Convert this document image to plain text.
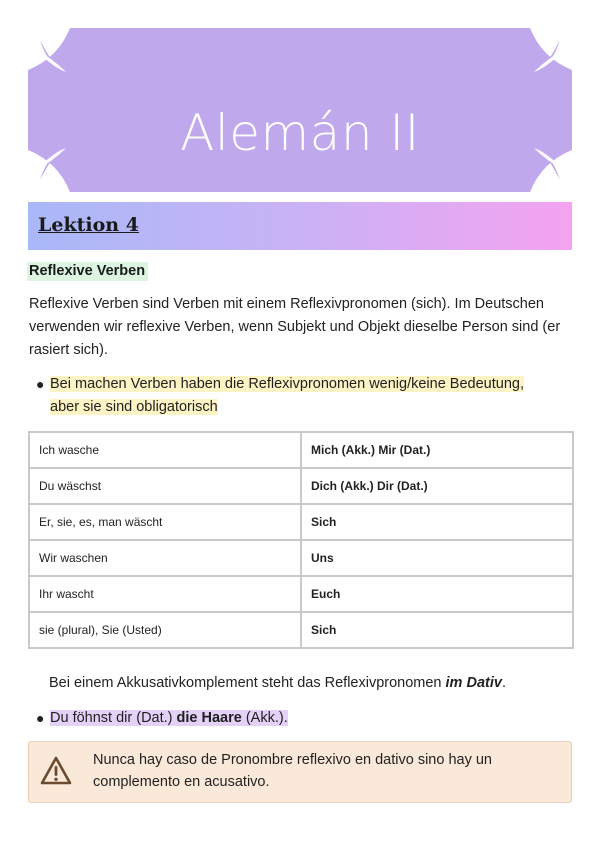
Alemán II
Lektion 4
Reflexive Verben
Reflexive Verben sind Verben mit einem Reflexivpronomen (sich). Im Deutschen verwenden wir reflexive Verben, wenn Subjekt und Objekt dieselbe Person sind (er rasiert sich).
● Bei machen Verben haben die Reflexivpronomen wenig/keine Bedeutung,
aber sie sind obligatorisch
Ich wasche	Mich (Akk.) Mir (Dat.)
Du wäschst	Dich (Akk.) Dir (Dat.)
Er, sie, es, man wäscht	Sich
Wir waschen	Uns
Ihr wascht	Euch
sie (plural), Sie (Usted)	Sich
Bei einem Akkusativkomplement steht das Reflexivpronomen im Dativ.
● Du föhnst dir (Dat.) die Haare (Akk.).
Nunca hay caso de Pronombre reflexivo en dativo sino hay un complemento en acusativo.
